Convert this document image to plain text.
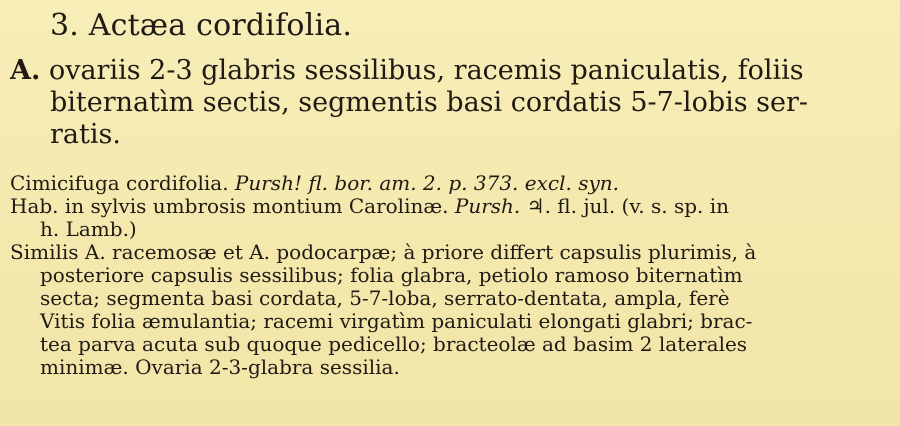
3. Actæa cordifolia.
A. ovariis 2-3 glabris sessilibus, racemis paniculatis, foliis
biternatìm sectis, segmentis basi cordatis 5-7-lobis ser-
ratis.
Cimicifuga cordifolia. Pursh! fl. bor. am. 2. p. 373. excl. syn.
Hab. in sylvis umbrosis montium Carolinæ. Pursh. ♃. fl. jul. (v. s. sp. in
h. Lamb.)
Similis A. racemosæ et A. podocarpæ; à priore differt capsulis plurimis, à
posteriore capsulis sessilibus; folia glabra, petiolo ramoso biternatìm
secta; segmenta basi cordata, 5-7-loba, serrato-dentata, ampla, ferè
Vitis folia æmulantia; racemi virgatìm paniculati elongati glabri; brac-
tea parva acuta sub quoque pedicello; bracteolæ ad basim 2 laterales
minimæ. Ovaria 2-3-glabra sessilia.
